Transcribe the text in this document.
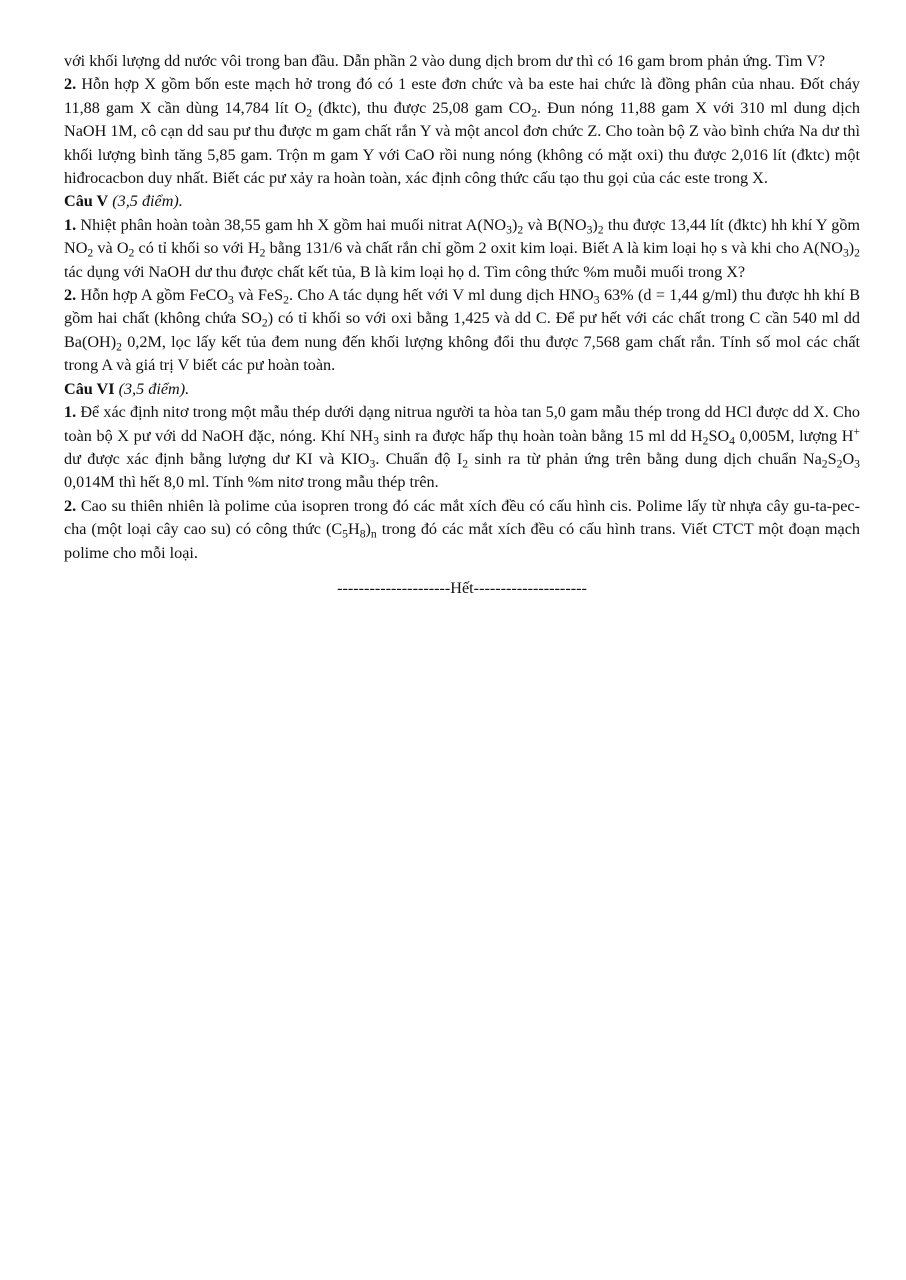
với khối lượng dd nước vôi trong ban đầu. Dẫn phần 2 vào dung dịch brom dư thì có 16 gam brom phản ứng. Tìm V?

2. Hỗn hợp X gồm bốn este mạch hở trong đó có 1 este đơn chức và ba este hai chức là đồng phân của nhau. Đốt cháy 11,88 gam X cần dùng 14,784 lít $O_2$ (đktc), thu được 25,08 gam $CO_2$. Đun nóng 11,88 gam X với 310 ml dung dịch NaOH 1M, cô cạn dd sau pư thu được m gam chất rắn Y và một ancol đơn chức Z. Cho toàn bộ Z vào bình chứa Na dư thì khối lượng bình tăng 5,85 gam. Trộn m gam Y với CaO rồi nung nóng (không có mặt oxi) thu được 2,016 lít (đktc) một hiđrocacbon duy nhất. Biết các pư xảy ra hoàn toàn, xác định công thức cấu tạo thu gọi của các este trong X.

Câu V (3,5 điểm).

1. Nhiệt phân hoàn toàn 38,55 gam hh X gồm hai muối nitrat $A(NO_3)_2$ và $B(NO_3)_2$ thu được 13,44 lít (đktc) hh khí Y gồm $NO_2$ và $O_2$ có tỉ khối so với $H_2$ bằng 131/6 và chất rắn chỉ gồm 2 oxit kim loại. Biết A là kim loại họ s và khi cho $A(NO_3)_2$ tác dụng với NaOH dư thu được chất kết tủa, B là kim loại họ d. Tìm công thức %m muỗi muối trong X?

2. Hỗn hợp A gồm FeCO$_3$ và FeS$_2$. Cho A tác dụng hết với V ml dung dịch $HNO_3$ 63% (d = 1,44 g/ml) thu được hh khí B gồm hai chất (không chứa $SO_2$) có tỉ khối so với oxi bằng 1,425 và dd C. Để pư hết với các chất trong C cần 540 ml dd $Ba(OH)_2$ 0,2M, lọc lấy kết tủa đem nung đến khối lượng không đổi thu được 7,568 gam chất rắn. Tính số mol các chất trong A và giá trị V biết các pư hoàn toàn.

Câu VI (3,5 điểm).

1. Để xác định nitơ trong một mẫu thép dưới dạng nitrua người ta hòa tan 5,0 gam mẫu thép trong dd HCl được dd X. Cho toàn bộ X pư với dd NaOH đặc, nóng. Khí $NH_3$ sinh ra được hấp thụ hoàn toàn bằng 15 ml dd $H_2SO_4$ 0,005M, lượng H+ dư được xác định bằng lượng dư KI và $KIO_3$. Chuẩn độ $I_2$ sinh ra từ phản ứng trên bằng dung dịch chuẩn $Na_2S_2O_3$ 0,014M thì hết 8,0 ml. Tính %m nitơ trong mẫu thép trên.

2. Cao su thiên nhiên là polime của isopren trong đó các mắt xích đều có cấu hình cis. Polime lấy từ nhựa cây gu-ta-pec-cha (một loại cây cao su) có công thức $(C_5H_8)_n$ trong đó các mắt xích đều có cấu hình trans. Viết CTCT một đoạn mạch polime cho mỗi loại.

---------------------Hết---------------------
